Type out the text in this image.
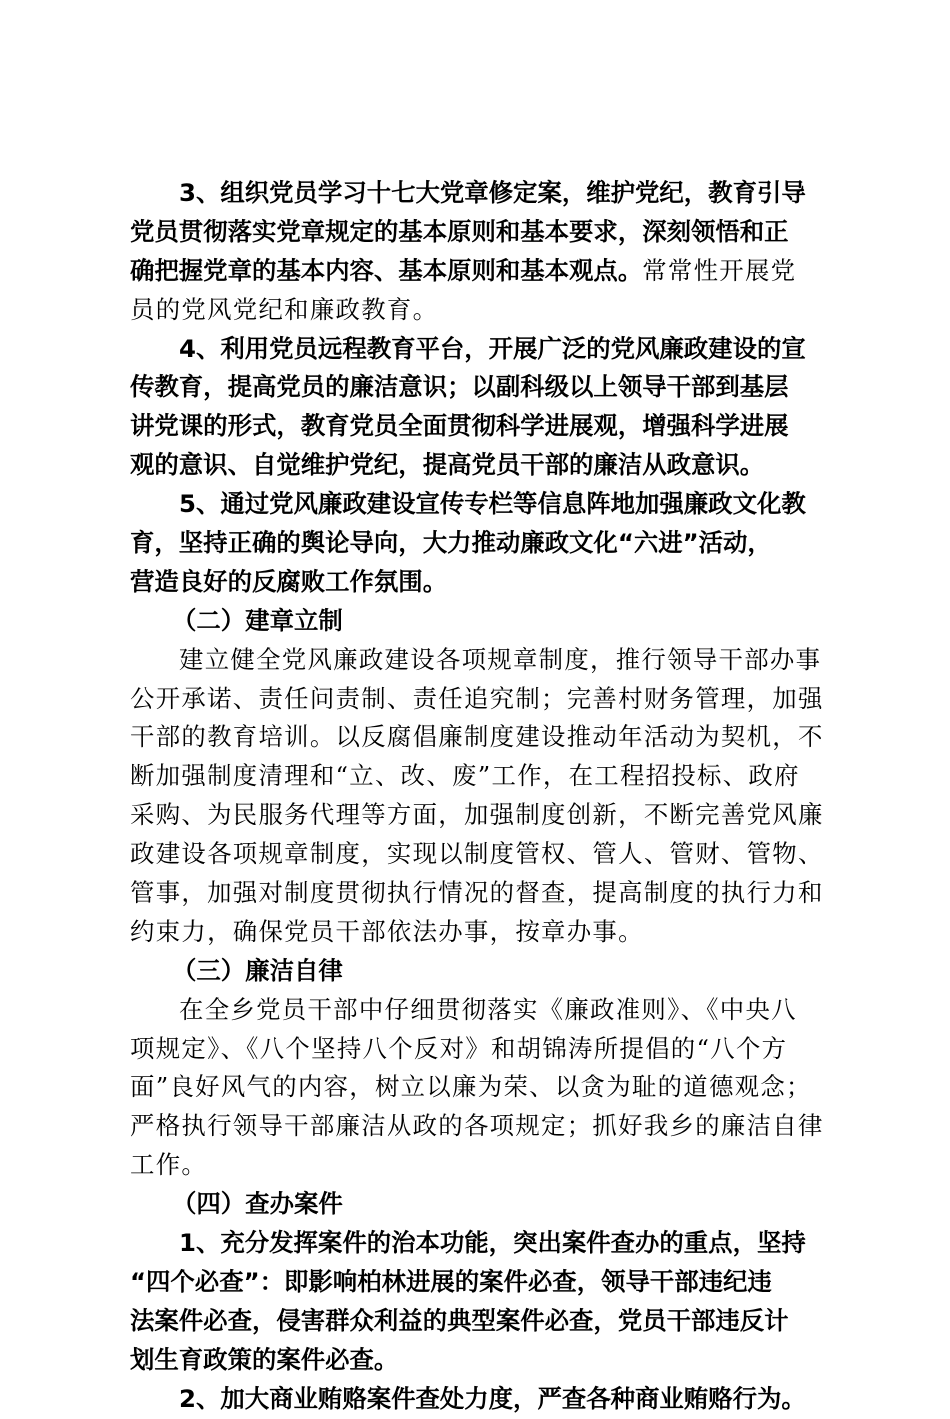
3、组织党员学习十七大党章修定案，维护党纪，教育引导
党员贯彻落实党章规定的基本原则和基本要求，深刻领悟和正
确把握党章的基本内容、基本原则和基本观点。常常性开展党
员的党风党纪和廉政教育。
4、利用党员远程教育平台，开展广泛的党风廉政建设的宣
传教育，提高党员的廉洁意识；以副科级以上领导干部到基层
讲党课的形式，教育党员全面贯彻科学进展观，增强科学进展
观的意识、自觉维护党纪，提高党员干部的廉洁从政意识。
5、通过党风廉政建设宣传专栏等信息阵地加强廉政文化教
育，坚持正确的舆论导向，大力推动廉政文化“六进”活动，
营造良好的反腐败工作氛围。
（二）建章立制
建立健全党风廉政建设各项规章制度，推行领导干部办事
公开承诺、责任问责制、责任追究制；完善村财务管理，加强
干部的教育培训。以反腐倡廉制度建设推动年活动为契机，不
断加强制度清理和“立、改、废”工作，在工程招投标、政府
采购、为民服务代理等方面，加强制度创新，不断完善党风廉
政建设各项规章制度，实现以制度管权、管人、管财、管物、
管事，加强对制度贯彻执行情况的督查，提高制度的执行力和
约束力，确保党员干部依法办事，按章办事。
（三）廉洁自律
在全乡党员干部中仔细贯彻落实《廉政准则》、《中央八
项规定》、《八个坚持八个反对》和胡锦涛所提倡的“八个方
面”良好风气的内容，树立以廉为荣、以贪为耻的道德观念；
严格执行领导干部廉洁从政的各项规定；抓好我乡的廉洁自律
工作。
（四）查办案件
1、充分发挥案件的治本功能，突出案件查办的重点，坚持
“四个必查”：即影响柏林进展的案件必查，领导干部违纪违
法案件必查，侵害群众利益的典型案件必查，党员干部违反计
划生育政策的案件必查。
2、加大商业贿赂案件查处力度，严查各种商业贿赂行为。
